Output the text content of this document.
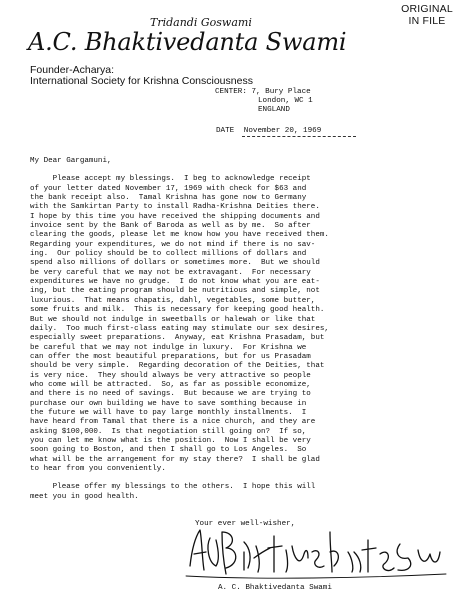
ORIGINAL
IN FILE
Tridandi Goswami
A.C. Bhaktivedanta Swami
Founder-Acharya:
International Society for Krishna Consciousness
CENTER: 7, Bury Place
London, WC 1
ENGLAND
DATE November 20, 1969
My Dear Gargamuni,
Please accept my blessings.  I beg to acknowledge receipt
of your letter dated November 17, 1969 with check for $63 and
the bank receipt also.  Tamal Krishna has gone now to Germany
with the Samkirtan Party to install Radha-Krishna Deities there.
I hope by this time you have received the shipping documents and
invoice sent by the Bank of Baroda as well as by me.  So after
clearing the goods, please let me know how you have received them.
Regarding your expenditures, we do not mind if there is no sav-
ing.  Our policy should be to collect millions of dollars and
spend also millions of dollars or sometimes more.  But we should
be very careful that we may not be extravagant.  For necessary
expenditures we have no grudge.  I do not know what you are eat-
ing, but the eating program should be nutritious and simple, not
luxurious.  That means chapatis, dahl, vegetables, some butter,
some fruits and milk.  This is necessary for keeping good health.
But we should not indulge in sweetballs or halewah or like that
daily.  Too much first-class eating may stimulate our sex desires,
especially sweet preparations.  Anyway, eat Krishna Prasadam, but
be careful that we may not indulge in luxury.  For Krishna we
can offer the most beautiful preparations, but for us Prasadam
should be very simple.  Regarding decoration of the Deities, that
is very nice.  They should always be very attractive so people
who come will be attracted.  So, as far as possible economize,
and there is no need of savings.  But because we are trying to
purchase our own building we have to save somthing because in
the future we will have to pay large monthly installments.  I
have heard from Tamal that there is a nice church, and they are
asking $100,000.  Is that negotiation still going on?  If so,
you can let me know what is the position.  Now I shall be very
soon going to Boston, and then I shall go to Los Angeles.  So
what will be the arrangement for my stay there?  I shall be glad
to hear from you conveniently.
Please offer my blessings to the others.  I hope this will
meet you in good health.
Your ever well-wisher,
A. C. Bhaktivedanta Swami
